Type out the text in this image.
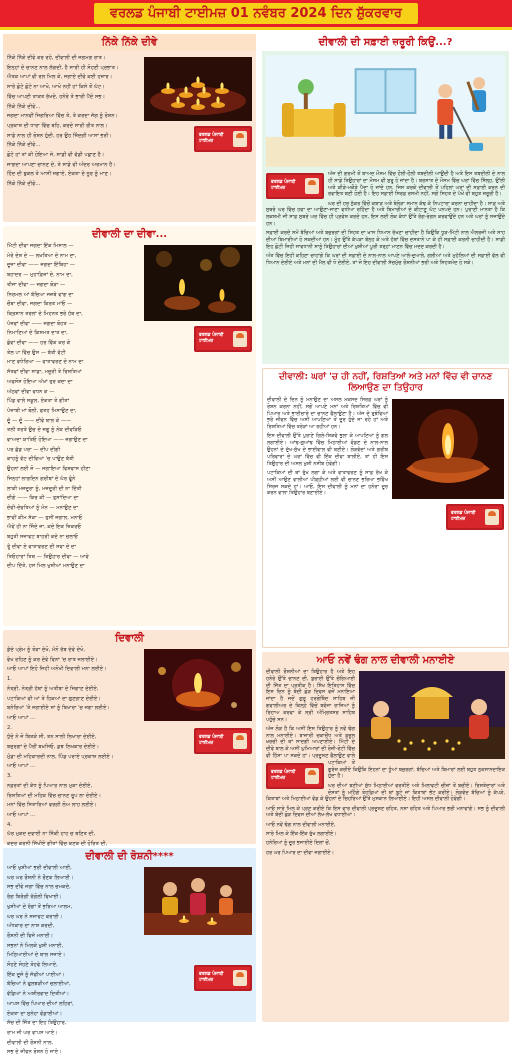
ਵਰਲਡ ਪੰਜਾਬੀ ਟਾਈਮਜ਼ 01 ਨਵੰਬਰ 2024 ਦਿਨ ਸ਼ੁੱਕਰਵਾਰ
ਨਿੱਕੇ ਨਿੱਕੇ ਦੀਵੇ
ਵਰਲਡ ਪੰਜਾਬੀ
ਟਾਈਮਜ਼

ਨਿੱਕੇ ਨਿੱਕੇ ਦੀਵੇ ਕਰ ਰਹੇ, ਦੀਵਾਲੀ ਦੀ ਜਗਮਗ ਰਾਤ।

ਇਨ੍ਹਾਂ ਦੇ ਚਾਨਣ ਨਾਲ ਲੱਗਦੀ, ਹੈ ਸਾਰੀ ਹੀ ਸੋਹਣੀ ਪ੍ਰਭਾਤ।

ਐਤਕ ਆਪਾਂ ਵੀ ਰਲ ਮਿਲ ਕੇ, ਜਗਾਏ ਦੀਵੇ ਕਈ ਹਜ਼ਾਰ।

ਸਾਰੇ ਛੋਟੇ ਛੋਟੇ ਨਾ ਆਖੋ, ਆਖੋ ਨਹੀਂ ਹਾਂ ਕਿਸੇ ਤੋਂ ਘੱਟ।

ਵਿੱਚ ਆਪਣੀ ਤਾਕਤ ਰੱਖਦੇ, ਹਨੇਰੇ ਤੇ ਭਾਰੀ ਪੈਂਦੇ ਸਭ।

ਨਿੱਕੇ ਨਿੱਕੇ ਦੀਵੇ...

ਜਗਦਾ ਮਾਨਵੀਂ ਜਿਗਰਿਆ ਵਿੱਚ ਤੇ, ਤੇ ਕਰਦਾ ਜੱਗ ਨੂੰ ਰੋਸ਼ਨ।

ਪ੍ਰਕਾਸ਼ ਦੀ ਧਾਰਾ ਵਿੱਚ ਬਹਿ, ਕਰਦੇ ਸਾਰੀ ਰੀਤ ਨਾਲ।

ਸਾਡੇ ਨਾਲ ਹੀ ਰੋਸ਼ਨ ਹੁੰਦੀ, ਹਰ ਉਹ ਜ਼ਿੰਦਗੀ ਆਸਾਂ ਭਰੀ।

ਨਿੱਕੇ ਨਿੱਕੇ ਦੀਵੇ...

ਛੋਟੇ ਹਾਂ ਤਾਂ ਕੀ ਹੋਇਆ ਜੇ, ਸਾਡੀ ਵੀ ਵੱਡੀ ਪਛਾਣ ਹੈ।

ਜਾਗਦਾ ਆਪਣਾ ਚਾਨਣ ਦੇ, ਤੇ ਸਾਡੇ ਵੀ ਅੰਦਰ ਅਰਮਾਨ ਹੈ।

ਹਿੰਦ ਦੀ ਬੁਕਲ ਤੇ ਆਸੀਂ ਜਗਾਏ, ਏਕਤਾ ਦੇ ਨੂਰ ਨੂੰ ਮਾਣ।

ਨਿੱਕੇ ਨਿੱਕੇ ਦੀਵੇ...

ਦੀਵਾਲੀ ਦਾ ਦੀਵਾ...

ਮਿੱਟੀ ਦੀਵਾ ਜਗਦਾ ਇੱਕ ਮਿਸਾਲ —

ਮੇਰੇ ਦੇਸ਼ ਦੇ — ਲਖ਼ਤਿਆ ਦੇ ਨਾਮ ਦਾ,

ਦੂਜਾ ਦੀਵਾ —— ਜਗਦਾ ਇੱਥਿਹਾ —

ਬਹਾਦਰ — ਮੁਹਾਫ਼ਿਜ਼ਾਂ ਦੇ, ਨਾਮ ਦਾ,

ਤੀਜਾ ਦੀਵਾ — ਜਗਦਾ ਥੋੜਾ —

ਨਿਰਮਲ ਆਂ ਬੱਚਿਆ ਜਜ਼ਬੇ ਵਾਂਗ ਦਾ

ਚੌਥਾ ਦੀਵਾ, ਜਗਦਾ ਕਿਰਤ ਮਾਂਓ —

ਕ੍ਰਿਸ਼ਾਨ ਤਰਲਾਂ ਦੇ ਮਿਹਨਤ ਭਰੇ ਹੱਥ ਦਾ,

ਵਰਲਡ ਪੰਜਾਬੀ
ਟਾਈਮਜ਼

ਪੰਜਵਾਂ ਦੀਵਾ —— ਜਗਦਾ ਬੋਹਤ —

ਨਿਮਾਣਿਆਂ ਦੇ ਕਿਸਮਤ ਦਾਤ ਦਾ,

ਛੇਵਾਂ ਦੀਵਾ —— ਹਰ ਵਿੱਕ ਕਰ ਕੇ

ਤੇਲ ਪਾ ਵਿੱਚ ਉਸ — ਬੱਤੀ ਵੱਟੀ

ਮਾਣ ਵਧੇਰਿਆ — ਵਾਤਾਵਰਣ ਦੇ ਨਾਮ ਦਾ

ਸੱਤਵਾਂ ਦੀਵਾ ਸਾਡਾ, ਮਜ਼ੂਰੀ ਤੇ ਰਿਸ਼ਤਿਆਂ

ਅਫਸੋਸ ਹੋਇਆ ਅੱਖਾਂ ਤੁਰ ਕਦਾ ਦਾ

ਅੱਠਵਾਂ ਦੀਵਾ ਵਧਨ ਕ —

ਪਿੰਡ ਵਾਲੇ ਸਕੂਲ, ਏਕਤਾ ਤੇ ਗੀਤਾਂ

ਪੰਜਾਬੀ ਮਾਂ ਬੋਲੀ, ਫਤਹ ਮਿਸਾਉਣ ਦਾ,

ਦੂੰ — ਦੂੰ —— ਦੀਵੇ ਬਾਲ ਕੇ ——

ਤਲੀ ਤਰਤੇ ਉਚ ਦੇ ਜਗੂ ਨੂੰ ਨੇਕ ਦੀਵੜਿਓ

ਵਾਅਦਾ ਯਾਤਿਓ ਹੋਇਆ —— ਜਗਾਉਣ ਦਾ

ਪਰ ਛੱਡ ਪਰਾ — ਦੀਪ ਦੀਗੀ

ਕਾਹਨੂੰ ਵੱਟ ਦੀਵਿਆਂ 'ਚ ਪਾਉਣ ਬੱਤੀ

ਉਹਨਾਂ ਲਈ ਜੋ — ਜਗਾਇਆ ਵਿਸ਼ਵਾਸ ਹੀਣਾ

ਜਿਨ੍ਹਾਂ ਲਾਗਦਿਨ ਗਰੀਬਾਂ ਦੇ ਘੱਰ ਫੂੰਨੇ

ਲਾਕੀ ਮਜ਼ਦੂਰਾ ਨੂੰ, ਮਜਦੂਰੀ ਦੀ ਨਾ ਦਿੱਤੀ

ਦੀਗੇ —— ਕਿਰ ਕੀ — ਤੁਸਾਂਦਿਆ ਦਾ

ਦੇਵੀ-ਦੇਵਤਿਆਂ ਨੂੰ ਮੰਨ — ਮਨਾਉਣ ਦਾ

ਭਾਵੀਂ ਕੀਮ ਸੱਕਾ — ਤੁਸੀਂ ਜਗਾਲ, ਮਨਾਓ

ਐਵੇਂ ਹੀ ਨਾ ਜਿੰਦੇ ਜਾ, ਕਦੇ ਇਕ ਜ਼ਿਕਰਓ

ਬਹੁਤੀ ਸਜਾਵਟ ਬਾਹਰੀ ਕਦੇ ਨਾ ਚਲਾਓ

ਤੂੰ ਦੀਵਾ ਏ ਵਾਤਾਵਰਣ ਦੀ ਸਵਾ ਦੇ ਦਾ

ਤਿਓਹਾਰਾਂ ਤਿਥ — ਤਿਉਹਾਰ ਦੀਵਾ — ਆਵੇ

ਦੀਪ ਦਿੱਤੇ, ਹਸ ਮਿਲ ਖੁਸ਼ੀਆਂ ਮਨਾਉਣ ਦਾ

ਦਿਵਾਲੀ

ਡੰਦੇ ਪ੍ਰੇਮ ਨੂੰ ਤੋੜਾ ਦੇਖੋ, ਮੰਨੋ ਰੱਬ ਦੇਵੇ ਦੇਖੋ,

ਵੇਖ ਰਹਿਣ ਨੂੰ ਕਰ ਦੇਵੇ ਵਿਨਾਂ 'ਚ ਰਾਤ ਜਲਾਈਏ।

ਆਓ ਆਪਾਂ ਇਹੋ ਜਿਹੀ ਅਨੋਖੀ ਦਿਵਾਲੀ ਮਨਾ ਲਈਏ।

1.

ਨੇਤ੍ਰੀ, ਨੇਤ੍ਰੀ ਹੱਥਾਂ ਨੂੰ ਅਤੀਬਾ ਦੇ ਜਿਗਾਣ ਦੇਈਏ,

ਪਟਾਕਿਆਂ ਵੀ ਆਂ ਤੇ ਹਿਕਆਂ ਦਾ ਗੁਣਗਾਣ ਦੇਈਏ।

ਬਨੇਰਿਆਂ 'ਤੇ ਜਗਾਈਏ ਸਾਂ ਨੂੰ ਬਿਖਾਰਾ 'ਚ ਜਗਾ ਲਈਏ।

ਆਓ ਆਪਾਂ ...

ਵਰਲਡ ਪੰਜਾਬੀ
ਟਾਈਮਜ਼

2.

ਧੁੰਦੇ ਨੇ ਜੋ ਬਿਤਕੇ ਸੀ, ਤਨ ਸਾਲੀ ਲਿਖਾਰਾ ਦੇਈਏ,

ਬਜ਼ੁਰਗਾਂ ਦੇ ਪੈਰੀਂ ਬਖ਼ਸਿਓ, ਕੁਝ ਲਿਖਕਾਰ ਦੇਈਏ।

ਮੁੰਡਾ ਦੀ ਮਹਿਕਾਰਦੀ ਨਾਲ, ਪਿੰਡ ਪਰਾਏ ਪ੍ਰਕਾਸ਼ ਲਈਏ।

ਆਓ ਆਪਾਂ ...

3.

ਨਫ਼ਰਤਾਂ ਦੀ ਕੰਧ ਨੂੰ ਪਿਆਰ ਨਾਲ ਮੁਕਾ ਦੇਈਏ,

ਰਿਸ਼ਤਿਆਂ ਦੀ ਮਹਿਕ ਵਿੱਚ ਚਾਨਣ ਰੂਪ ਲਾ ਦੇਈਏ।

ਮਨਾਂ ਵਿੱਚ ਸਿਤਾਰਿਆਂ ਵਰਗੀ ਲੋਅ ਲਾਹ ਲਈਏ।

ਆਓ ਆਪਾਂ ...

4.

ਘੱਰ ਮੁਕਦ ਦਵਾਈ ਨਾ ਸਿੱਕੀ ਹਾਹ ਚ ਬਣਿਤ ਦੀ,

ਕਦਰ ਕਰਨੀ ਸਿੱਖੀਏ ਗੀਤਾਂ ਵਿੱਚ ਕਣਕ ਦੀ ਹੋਰਿਤ ਦੀ,

ਦੀਵਾਲੀ ਦੀ ਰੋਸ਼ਨੀ****

ਆਓ ਖੁਸ਼ੀਆਂ ਭਰੀ ਦੀਵਾਲੀ ਆਈ,

ਘਰ ਘਰ ਰੌਸ਼ਨੀ ਨੇ ਰੌਣਕ ਲਿਆਈ।

ਸਭ ਦੀਵੇ ਜਗਾ ਵਿੱਚ ਨਾਲ ਚਮਕਦੇ,

ਰੰਗ ਬਿਰੰਗੀ ਰੰਗੋਲੀ ਵਿਖਾਈ।

ਖੁਸ਼ੀਆਂ ਦੇ ਰੰਗਾਂ ਤੋਂ ਭਰਿਆ ਆਲਮ,

ਘਰ ਘਰ ਨੇ ਸਜਾਵਟ ਕਰਾਈ।

ਅੰਧਕਾਰ ਦਾ ਨਾਸ਼ ਕਰਦੀ,

ਰੌਸ਼ਨੀ ਦੀ ਵਿਜੇ ਮਨਾਈ।

ਸਭਨਾਂ ਨੇ ਮਿਲਕੇ ਖੁਸ਼ੀ ਮਨਾਈ,

ਮਿਠਿਆਈਆਂ ਦੇ ਥਾਲ ਸਜਾਏ।

ਵਰਲਡ ਪੰਜਾਬੀ
ਟਾਈਮਜ਼

ਸੋਹਣੇ ਸੋਹਣੇ ਤੋਹਫੇ ਲਿਆਏ,

ਇੱਕ ਦੂਜੇ ਨੂੰ ਜੱਫੀਆਂ ਪਾਈਆਂ।

ਬੱਚਿਆਂ ਨੇ ਫੁਲਝੜੀਆਂ ਚਲਾਈਆਂ,

ਵੱਡਿਆਂ ਨੇ ਅਸ਼ੀਰਵਾਦ ਦਿਤੀਆਂ।

ਆਪਸ ਵਿੱਚ ਪਿਆਰ ਦੀਆਂ ਲਹਿਰਾਂ,

ਏਕਤਾ ਦਾ ਸੁਨੇਹਾ ਵੰਡਾਈਆਂ।

ਸੱਚ ਦੀ ਜਿੱਤ ਦਾ ਇਹ ਤਿਉਹਾਰ,

ਰਾਮ ਜੀ ਘਰ ਵਾਪਸ ਆਏ।

ਦੀਵਾਲੀ ਦੀ ਰੌਸ਼ਨੀ ਨਾਲ,

ਸਭ ਦੇ ਜੀਵਨ ਰੋਸ਼ਨ ਹੋ ਜਾਏ।

ਦੀਵਾਲੀ ਦੀ ਸਫ਼ਾਈ ਜ਼ਰੂਰੀ ਕਿਉਂ...?
ਵਰਲਡ ਪੰਜਾਬੀ
ਟਾਈਮਜ਼

ਅੱਜ ਦੀ ਗਰਮੀ ਤੋਂ ਬਾਅਦ ਮੌਸਮ ਵਿੱਚ ਹੌਲੀ-ਹੌਲੀ ਤਬਦੀਲੀ ਆਉਂਦੀ ਹੈ ਅਤੇ ਇਸ ਤਬਦੀਲੀ ਦੇ ਨਾਲ ਹੀ ਸਾਡੇ ਤਿਉਹਾਰਾਂ ਦਾ ਮੌਸਮ ਵੀ ਸ਼ੁਰੂ ਹੋ ਜਾਂਦਾ ਹੈ। ਬਰਸਾਤ ਦੇ ਮੌਸਮ ਵਿੱਚ ਘਰਾਂ ਵਿੱਚ ਸਿੱਲ੍ਹ, ਉੱਲੀ ਅਤੇ ਕੀੜੇ-ਮਕੌੜੇ ਪੈਦਾ ਹੋ ਜਾਂਦੇ ਹਨ, ਜਿਸ ਕਰਕੇ ਦੀਵਾਲੀ ਤੋਂ ਪਹਿਲਾਂ ਘਰਾਂ ਦੀ ਸਫ਼ਾਈ ਕਰਨ ਦੀ ਰਵਾਇਤ ਬਣੀ ਹੋਈ ਹੈ। ਇਹ ਸਫ਼ਾਈ ਸਿਰਫ਼ ਰਸਮੀ ਨਹੀਂ, ਸਗੋਂ ਸਿਹਤ ਦੇ ਪੱਖੋਂ ਵੀ ਬਹੁਤ ਜ਼ਰੂਰੀ ਹੈ।

ਘਰ ਦੀ ਹਰ ਨੁੱਕਰ ਵਿੱਚੋਂ ਕਬਾੜ ਅਤੇ ਬੇਲੋੜਾ ਸਮਾਨ ਕੱਢ ਕੇ ਨਿਪਟਾਰਾ ਕਰਨਾ ਚਾਹੀਦਾ ਹੈ। ਸਾਫ਼ ਅਤੇ ਸੁਥਰੇ ਘਰ ਵਿੱਚ ਹਵਾ ਦਾ ਆਉਣਾ-ਜਾਣਾ ਵਧੀਆ ਰਹਿੰਦਾ ਹੈ ਅਤੇ ਬਿਮਾਰੀਆਂ ਦੇ ਕੀਟਾਣੂ ਘੱਟ ਪਨਪਦੇ ਹਨ। ਪੁਰਾਣੀ ਮਾਨਤਾ ਹੈ ਕਿ ਲਕਸ਼ਮੀ ਜੀ ਸਾਫ਼ ਸੁਥਰੇ ਘਰ ਵਿੱਚ ਹੀ ਪ੍ਰਵੇਸ਼ ਕਰਦੇ ਹਨ, ਇਸ ਲਈ ਲੋਕ ਕੰਧਾਂ ਉੱਤੇ ਰੰਗ-ਰੋਗਨ ਕਰਵਾਉਂਦੇ ਹਨ ਅਤੇ ਘਰਾਂ ਨੂੰ ਸਜਾਉਂਦੇ ਹਨ।

ਸਫ਼ਾਈ ਕਰਦੇ ਸਮੇਂ ਬੱਚਿਆਂ ਅਤੇ ਬਜ਼ੁਰਗਾਂ ਦੀ ਸਿਹਤ ਦਾ ਖ਼ਾਸ ਧਿਆਨ ਰੱਖਣਾ ਚਾਹੀਦਾ ਹੈ ਕਿਉਂਕਿ ਧੂੜ-ਮਿੱਟੀ ਨਾਲ ਐਲਰਜੀ ਅਤੇ ਸਾਹ ਦੀਆਂ ਬਿਮਾਰੀਆਂ ਹੋ ਸਕਦੀਆਂ ਹਨ। ਮੂੰਹ ਉੱਤੇ ਕੱਪੜਾ ਬੰਨ੍ਹ ਕੇ ਅਤੇ ਹੱਥਾਂ ਵਿੱਚ ਦਸਤਾਨੇ ਪਾ ਕੇ ਹੀ ਸਫ਼ਾਈ ਕਰਨੀ ਚਾਹੀਦੀ ਹੈ। ਸਾਡੀ ਇਹ ਛੋਟੀ ਜਿਹੀ ਸਾਵਧਾਨੀ ਸਾਨੂੰ ਤਿਉਹਾਰਾਂ ਦੀਆਂ ਖੁਸ਼ੀਆਂ ਪੂਰੀ ਤਰ੍ਹਾਂ ਮਾਣਨ ਵਿੱਚ ਮਦਦ ਕਰਦੀ ਹੈ।

ਅੰਤ ਵਿੱਚ ਇਹੀ ਕਹਿਣਾ ਚਾਹਾਂਗੇ ਕਿ ਘਰਾਂ ਦੀ ਸਫ਼ਾਈ ਦੇ ਨਾਲ-ਨਾਲ ਆਪਣੇ ਆਲੇ-ਦੁਆਲੇ, ਗਲੀਆਂ ਅਤੇ ਮੁਹੱਲਿਆਂ ਦੀ ਸਫ਼ਾਈ ਵੱਲ ਵੀ ਧਿਆਨ ਦੇਈਏ ਅਤੇ ਮਨਾਂ ਦੀ ਮੈਲ ਵੀ ਧੋ ਦੇਈਏ, ਤਾਂ ਜੋ ਇਹ ਦੀਵਾਲੀ ਸੱਚਮੁੱਚ ਰੌਸ਼ਨੀਆਂ ਭਰੀ ਅਤੇ ਸਿਹਤਮੰਦ ਹੋ ਸਕੇ।

ਦੀਵਾਲੀ: ਘਰਾਂ 'ਚ ਹੀ ਨਹੀਂ, ਰਿਸ਼ਤਿਆਂ ਅਤੇ ਮਨਾਂ ਵਿੱਚ ਵੀ ਚਾਨਣ ਲਿਆਉਣ ਦਾ ਤਿਉਹਾਰ
ਵਰਲਡ ਪੰਜਾਬੀ
ਟਾਈਮਜ਼

ਦੀਵਾਲੀ ਦੇ ਦਿਨ ਨੂੰ ਮਨਾਉਣ ਦਾ ਅਸਲ ਮਕਸਦ ਸਿਰਫ਼ ਘਰਾਂ ਨੂੰ ਰੋਸ਼ਨ ਕਰਨਾ ਨਹੀਂ, ਸਗੋਂ ਆਪਣੇ ਮਨਾਂ ਅਤੇ ਰਿਸ਼ਤਿਆਂ ਵਿੱਚ ਵੀ ਪਿਆਰ ਅਤੇ ਭਾਈਚਾਰੇ ਦਾ ਚਾਨਣ ਫੈਲਾਉਣਾ ਹੈ। ਅੱਜ ਦੇ ਰੁਝੇਵਿਆਂ ਭਰੇ ਜੀਵਨ ਵਿੱਚ ਅਸੀਂ ਆਪਣਿਆਂ ਤੋਂ ਦੂਰ ਹੁੰਦੇ ਜਾ ਰਹੇ ਹਾਂ ਅਤੇ ਰਿਸ਼ਤਿਆਂ ਵਿੱਚ ਤਰੇੜਾਂ ਆ ਰਹੀਆਂ ਹਨ।

ਇਸ ਦੀਵਾਲੀ ਉੱਤੇ ਪੁਰਾਣੇ ਗਿਲੇ-ਸ਼ਿਕਵੇ ਭੁਲਾ ਕੇ ਆਪਣਿਆਂ ਨੂੰ ਗਲ ਲਗਾਈਏ। ਆਂਢ-ਗੁਆਂਢ ਵਿੱਚ ਮਿਠਾਈਆਂ ਵੰਡਣ ਦੇ ਨਾਲ-ਨਾਲ ਉਹਨਾਂ ਦੇ ਦੁੱਖ-ਸੁੱਖ ਦੇ ਭਾਈਵਾਲ ਵੀ ਬਣੀਏ। ਲੋੜਵੰਦਾਂ ਅਤੇ ਗਰੀਬ ਪਰਿਵਾਰਾਂ ਦੇ ਘਰਾਂ ਵਿੱਚ ਵੀ ਇੱਕ ਦੀਵਾ ਬਾਲੀਏ, ਤਾਂ ਹੀ ਇਸ ਤਿਉਹਾਰ ਦੀ ਅਸਲ ਖੁਸ਼ੀ ਨਸੀਬ ਹੋਵੇਗੀ।

ਪਟਾਕਿਆਂ ਦੀ ਥਾਂ ਰੁੱਖ ਲਗਾ ਕੇ ਅਤੇ ਵਾਤਾਵਰਣ ਨੂੰ ਸਾਫ਼ ਰੱਖ ਕੇ ਅਸੀਂ ਆਉਣ ਵਾਲੀਆਂ ਪੀੜ੍ਹੀਆਂ ਲਈ ਵੀ ਚਾਨਣ ਭਰਿਆ ਭਵਿੱਖ ਸਿਰਜ ਸਕਦੇ ਹਾਂ। ਆਓ, ਇਸ ਦੀਵਾਲੀ ਨੂੰ ਮਨਾਂ ਦਾ ਹਨੇਰਾ ਦੂਰ ਕਰਨ ਵਾਲਾ ਤਿਉਹਾਰ ਬਣਾਈਏ।

ਆਓ ਨਵੇਂ ਢੰਗ ਨਾਲ ਦੀਵਾਲੀ ਮਨਾਈਏ
ਵਰਲਡ ਪੰਜਾਬੀ
ਟਾਈਮਜ਼

ਦੀਵਾਲੀ ਰੌਸ਼ਨੀਆਂ ਦਾ ਤਿਉਹਾਰ ਹੈ ਅਤੇ ਇਹ ਹਨੇਰੇ ਉੱਤੇ ਚਾਨਣ ਦੀ, ਬੁਰਾਈ ਉੱਤੇ ਚੰਗਿਆਈ ਦੀ ਜਿੱਤ ਦਾ ਪ੍ਰਤੀਕ ਹੈ। ਸਿੱਖ ਇਤਿਹਾਸ ਵਿੱਚ ਇਸ ਦਿਨ ਨੂੰ ਬੰਦੀ ਛੋੜ ਦਿਵਸ ਵਜੋਂ ਮਨਾਇਆ ਜਾਂਦਾ ਹੈ ਜਦੋਂ ਗੁਰੂ ਹਰਗੋਬਿੰਦ ਸਾਹਿਬ ਜੀ ਗਵਾਲੀਅਰ ਦੇ ਕਿਲ੍ਹੇ ਵਿੱਚੋਂ ਬਵੰਜਾ ਰਾਜਿਆਂ ਨੂੰ ਰਿਹਾਅ ਕਰਵਾ ਕੇ ਸ੍ਰੀ ਅੰਮ੍ਰਿਤਸਰ ਸਾਹਿਬ ਪਹੁੰਚੇ ਸਨ।

ਅੱਜ ਲੋੜ ਹੈ ਕਿ ਅਸੀਂ ਇਸ ਤਿਉਹਾਰ ਨੂੰ ਨਵੇਂ ਢੰਗ ਨਾਲ ਮਨਾਈਏ। ਬਾਜ਼ਾਰੀ ਚਕਾਚੌਂਧ ਅਤੇ ਫ਼ਜ਼ੂਲ ਖ਼ਰਚੀ ਦੀ ਥਾਂ ਸਾਦਗੀ ਅਪਣਾਈਏ। ਮਿੱਟੀ ਦੇ ਦੀਵੇ ਬਾਲ ਕੇ ਅਸੀਂ ਘੁਮਿਆਰਾਂ ਦੀ ਰੋਜ਼ੀ-ਰੋਟੀ ਵਿੱਚ ਵੀ ਹਿੱਸਾ ਪਾ ਸਕਦੇ ਹਾਂ। ਪ੍ਰਦੂਸ਼ਣ ਫੈਲਾਉਣ ਵਾਲੇ ਪਟਾਕਿਆਂ ਤੋਂ ਗੁਰੇਜ਼ ਕਰੀਏ ਕਿਉਂਕਿ ਇਹਨਾਂ ਦਾ ਧੂੰਆਂ ਬਜ਼ੁਰਗਾਂ, ਬੱਚਿਆਂ ਅਤੇ ਬਿਮਾਰਾਂ ਲਈ ਬਹੁਤ ਨੁਕਸਾਨਦਾਇਕ ਹੁੰਦਾ ਹੈ।

ਘਰ ਦੀਆਂ ਬਣੀਆਂ ਸ਼ੁੱਧ ਮਿਠਾਈਆਂ ਵਰਤੀਏ ਅਤੇ ਮਿਲਾਵਟੀ ਚੀਜ਼ਾਂ ਤੋਂ ਬਚੀਏ। ਰਿਸ਼ਤੇਦਾਰਾਂ ਅਤੇ ਦੋਸਤਾਂ ਨੂੰ ਮਹਿੰਗੇ ਤੋਹਫ਼ਿਆਂ ਦੀ ਥਾਂ ਬੂਟੇ ਜਾਂ ਕਿਤਾਬਾਂ ਭੇਂਟ ਕਰੀਏ। ਲੋੜਵੰਦ ਬੱਚਿਆਂ ਨੂੰ ਕੱਪੜੇ, ਕਿਤਾਬਾਂ ਅਤੇ ਮਿਠਾਈਆਂ ਵੰਡ ਕੇ ਉਹਨਾਂ ਦੇ ਚਿਹਰਿਆਂ ਉੱਤੇ ਮੁਸਕਾਨ ਲਿਆਈਏ। ਇਹੀ ਅਸਲ ਦੀਵਾਲੀ ਹੋਵੇਗੀ।

ਆਓ ਸਾਰੇ ਮਿਲ ਕੇ ਪ੍ਰਣ ਕਰੀਏ ਕਿ ਇਸ ਵਾਰ ਦੀਵਾਲੀ ਪ੍ਰਦੂਸ਼ਣ ਰਹਿਤ, ਨਸ਼ਾ ਰਹਿਤ ਅਤੇ ਪਿਆਰ ਭਰੀ ਮਨਾਵਾਂਗੇ। ਸਭ ਨੂੰ ਦੀਵਾਲੀ ਅਤੇ ਬੰਦੀ ਛੋੜ ਦਿਵਸ ਦੀਆਂ ਲੱਖ-ਲੱਖ ਵਧਾਈਆਂ।

ਆਓ ਨਵੇਂ ਢੰਗ ਨਾਲ ਦੀਵਾਲੀ ਮਨਾਈਏ,

ਸਾਰੇ ਮਿਲ ਕੇ ਇੱਕ-ਇੱਕ ਰੁੱਖ ਲਗਾਈਏ।

ਹਨੇਰਿਆਂ ਨੂੰ ਦੂਰ ਭਜਾਈਏ ਦਿਲਾਂ ਚੋਂ,

ਹਰ ਘਰ ਪਿਆਰ ਦਾ ਦੀਵਾ ਜਗਾਈਏ।
